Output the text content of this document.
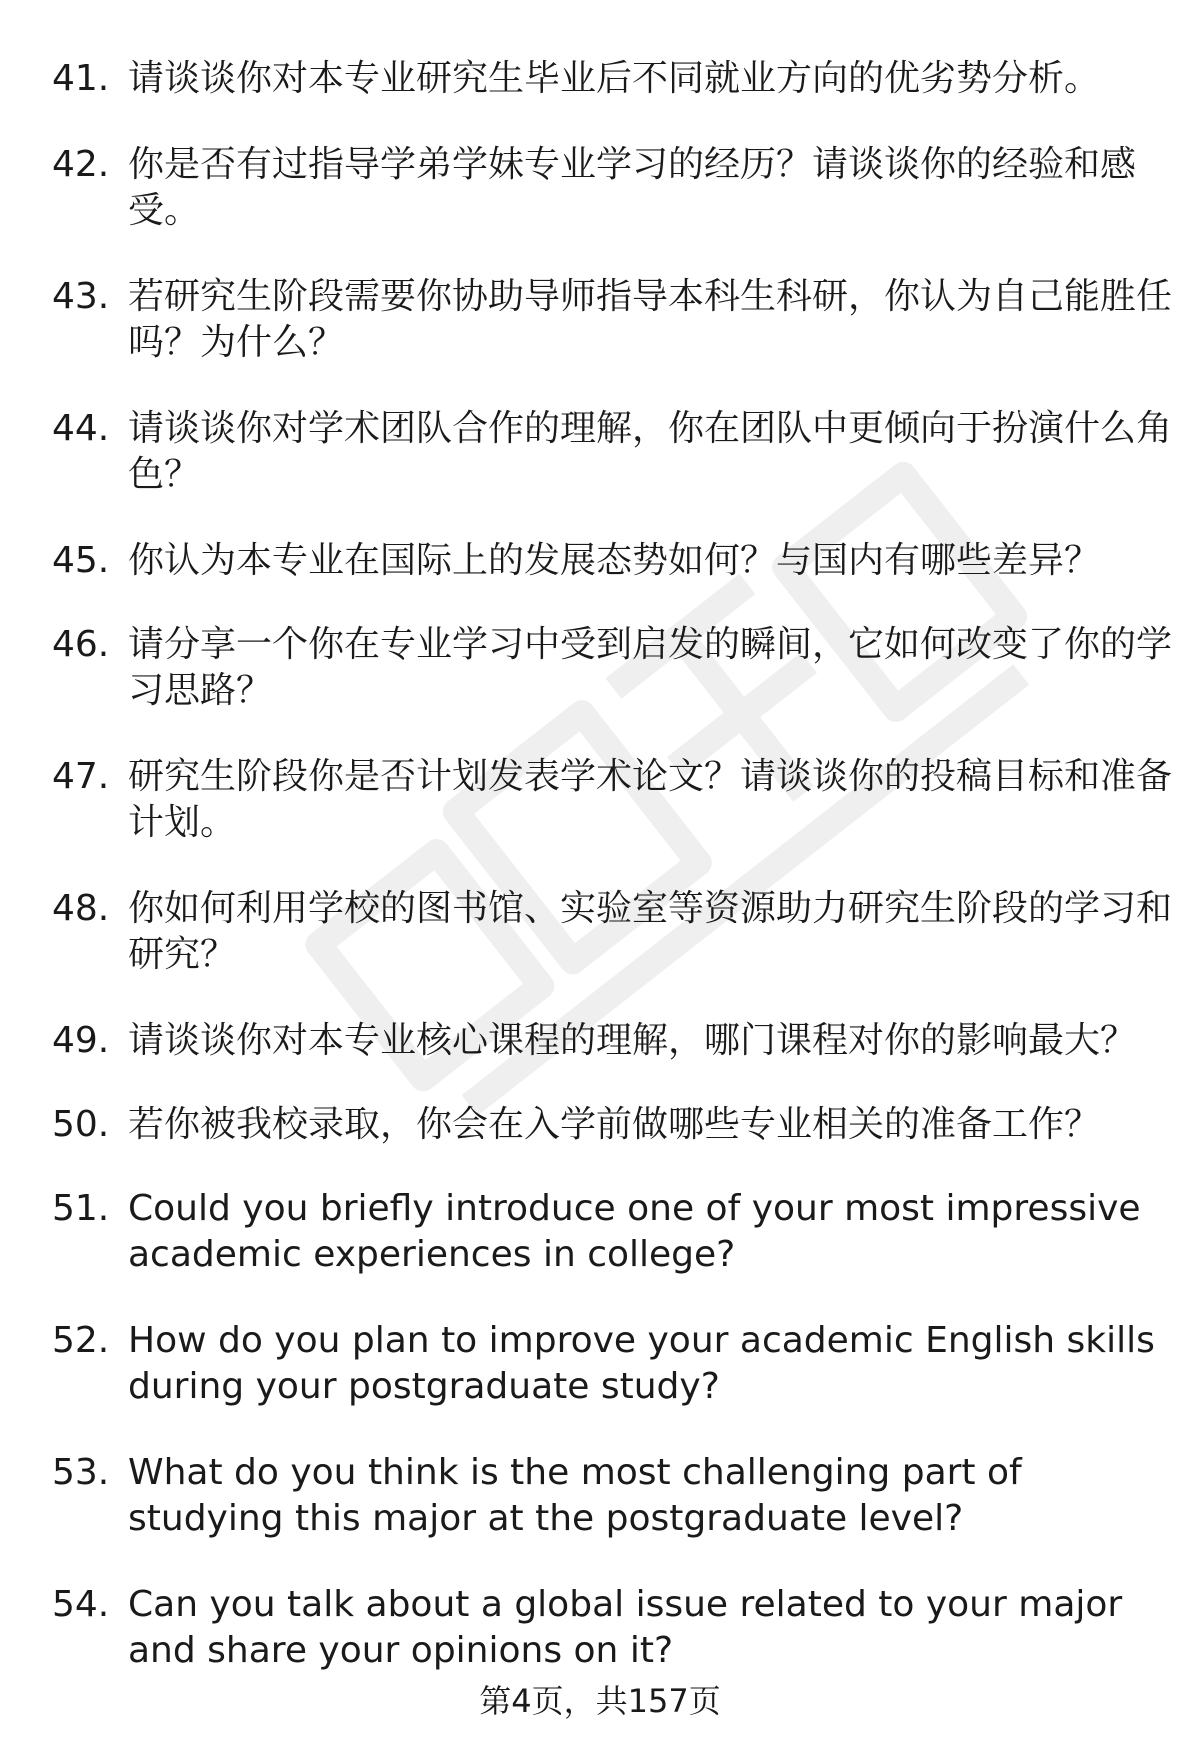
41. 请谈谈你对本专业研究生毕业后不同就业方向的优劣势分析。
42. 你是否有过指导学弟学妹专业学习的经历？请谈谈你的经验和感受。
43. 若研究生阶段需要你协助导师指导本科生科研，你认为自己能胜任吗？为什么？
44. 请谈谈你对学术团队合作的理解，你在团队中更倾向于扮演什么角色？
45. 你认为本专业在国际上的发展态势如何？与国内有哪些差异？
46. 请分享一个你在专业学习中受到启发的瞬间，它如何改变了你的学习思路？
47. 研究生阶段你是否计划发表学术论文？请谈谈你的投稿目标和准备计划。
48. 你如何利用学校的图书馆、实验室等资源助力研究生阶段的学习和研究？
49. 请谈谈你对本专业核心课程的理解，哪门课程对你的影响最大？
50. 若你被我校录取，你会在入学前做哪些专业相关的准备工作？
51. Could you briefly introduce one of your most impressive academic experiences in college?
52. How do you plan to improve your academic English skills during your postgraduate study?
53. What do you think is the most challenging part of studying this major at the postgraduate level?
54. Can you talk about a global issue related to your major and share your opinions on it?
第4页，共157页
